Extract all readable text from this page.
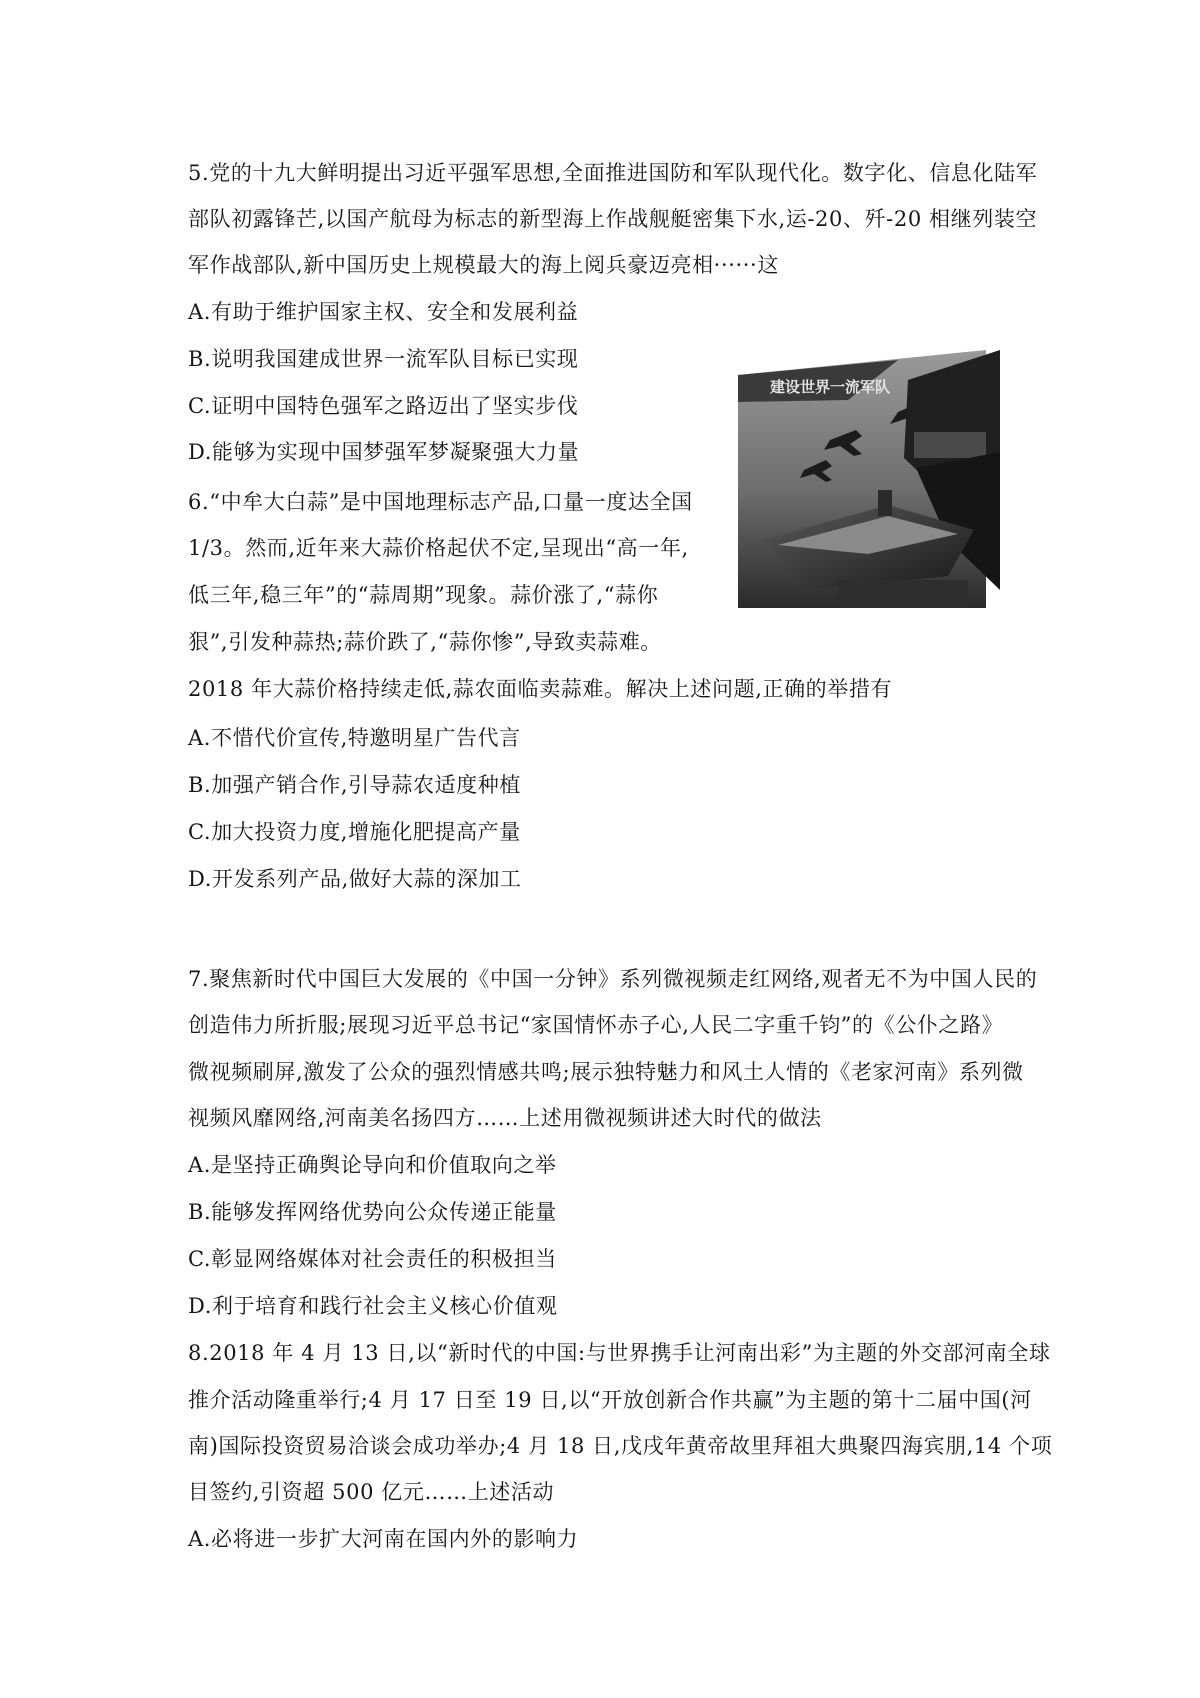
5.党的十九大鲜明提出习近平强军思想,全面推进国防和军队现代化。数字化、信息化陆军

部队初露锋芒,以国产航母为标志的新型海上作战舰艇密集下水,运-20、歼-20 相继列装空

军作战部队,新中国历史上规模最大的海上阅兵豪迈亮相······这

A.有助于维护国家主权、安全和发展利益

B.说明我国建成世界一流军队目标已实现

C.证明中国特色强军之路迈出了坚实步伐

D.能够为实现中国梦强军梦凝聚强大力量

建设世界一流军队

6.“中牟大白蒜”是中国地理标志产品,口量一度达全国

1/3。然而,近年来大蒜价格起伏不定,呈现出“高一年,

低三年,稳三年”的“蒜周期”现象。蒜价涨了,“蒜你

狠”,引发种蒜热;蒜价跌了,“蒜你惨”,导致卖蒜难。

2018 年大蒜价格持续走低,蒜农面临卖蒜难。解决上述问题,正确的举措有

A.不惜代价宣传,特邀明星广告代言

B.加强产销合作,引导蒜农适度种植

C.加大投资力度,增施化肥提高产量

D.开发系列产品,做好大蒜的深加工

7.聚焦新时代中国巨大发展的《中国一分钟》系列微视频走红网络,观者无不为中国人民的

创造伟力所折服;展现习近平总书记“家国情怀赤子心,人民二字重千钧”的《公仆之路》

微视频刷屏,激发了公众的强烈情感共鸣;展示独特魅力和风土人情的《老家河南》系列微

视频风靡网络,河南美名扬四方……上述用微视频讲述大时代的做法

A.是坚持正确舆论导向和价值取向之举

B.能够发挥网络优势向公众传递正能量

C.彰显网络媒体对社会责任的积极担当

D.利于培育和践行社会主义核心价值观

8.2018 年 4 月 13 日,以“新时代的中国:与世界携手让河南出彩”为主题的外交部河南全球

推介活动隆重举行;4 月 17 日至 19 日,以“开放创新合作共赢”为主题的第十二届中国(河

南)国际投资贸易洽谈会成功举办;4 月 18 日,戊戌年黄帝故里拜祖大典聚四海宾朋,14 个项

目签约,引资超 500 亿元……上述活动

A.必将进一步扩大河南在国内外的影响力
